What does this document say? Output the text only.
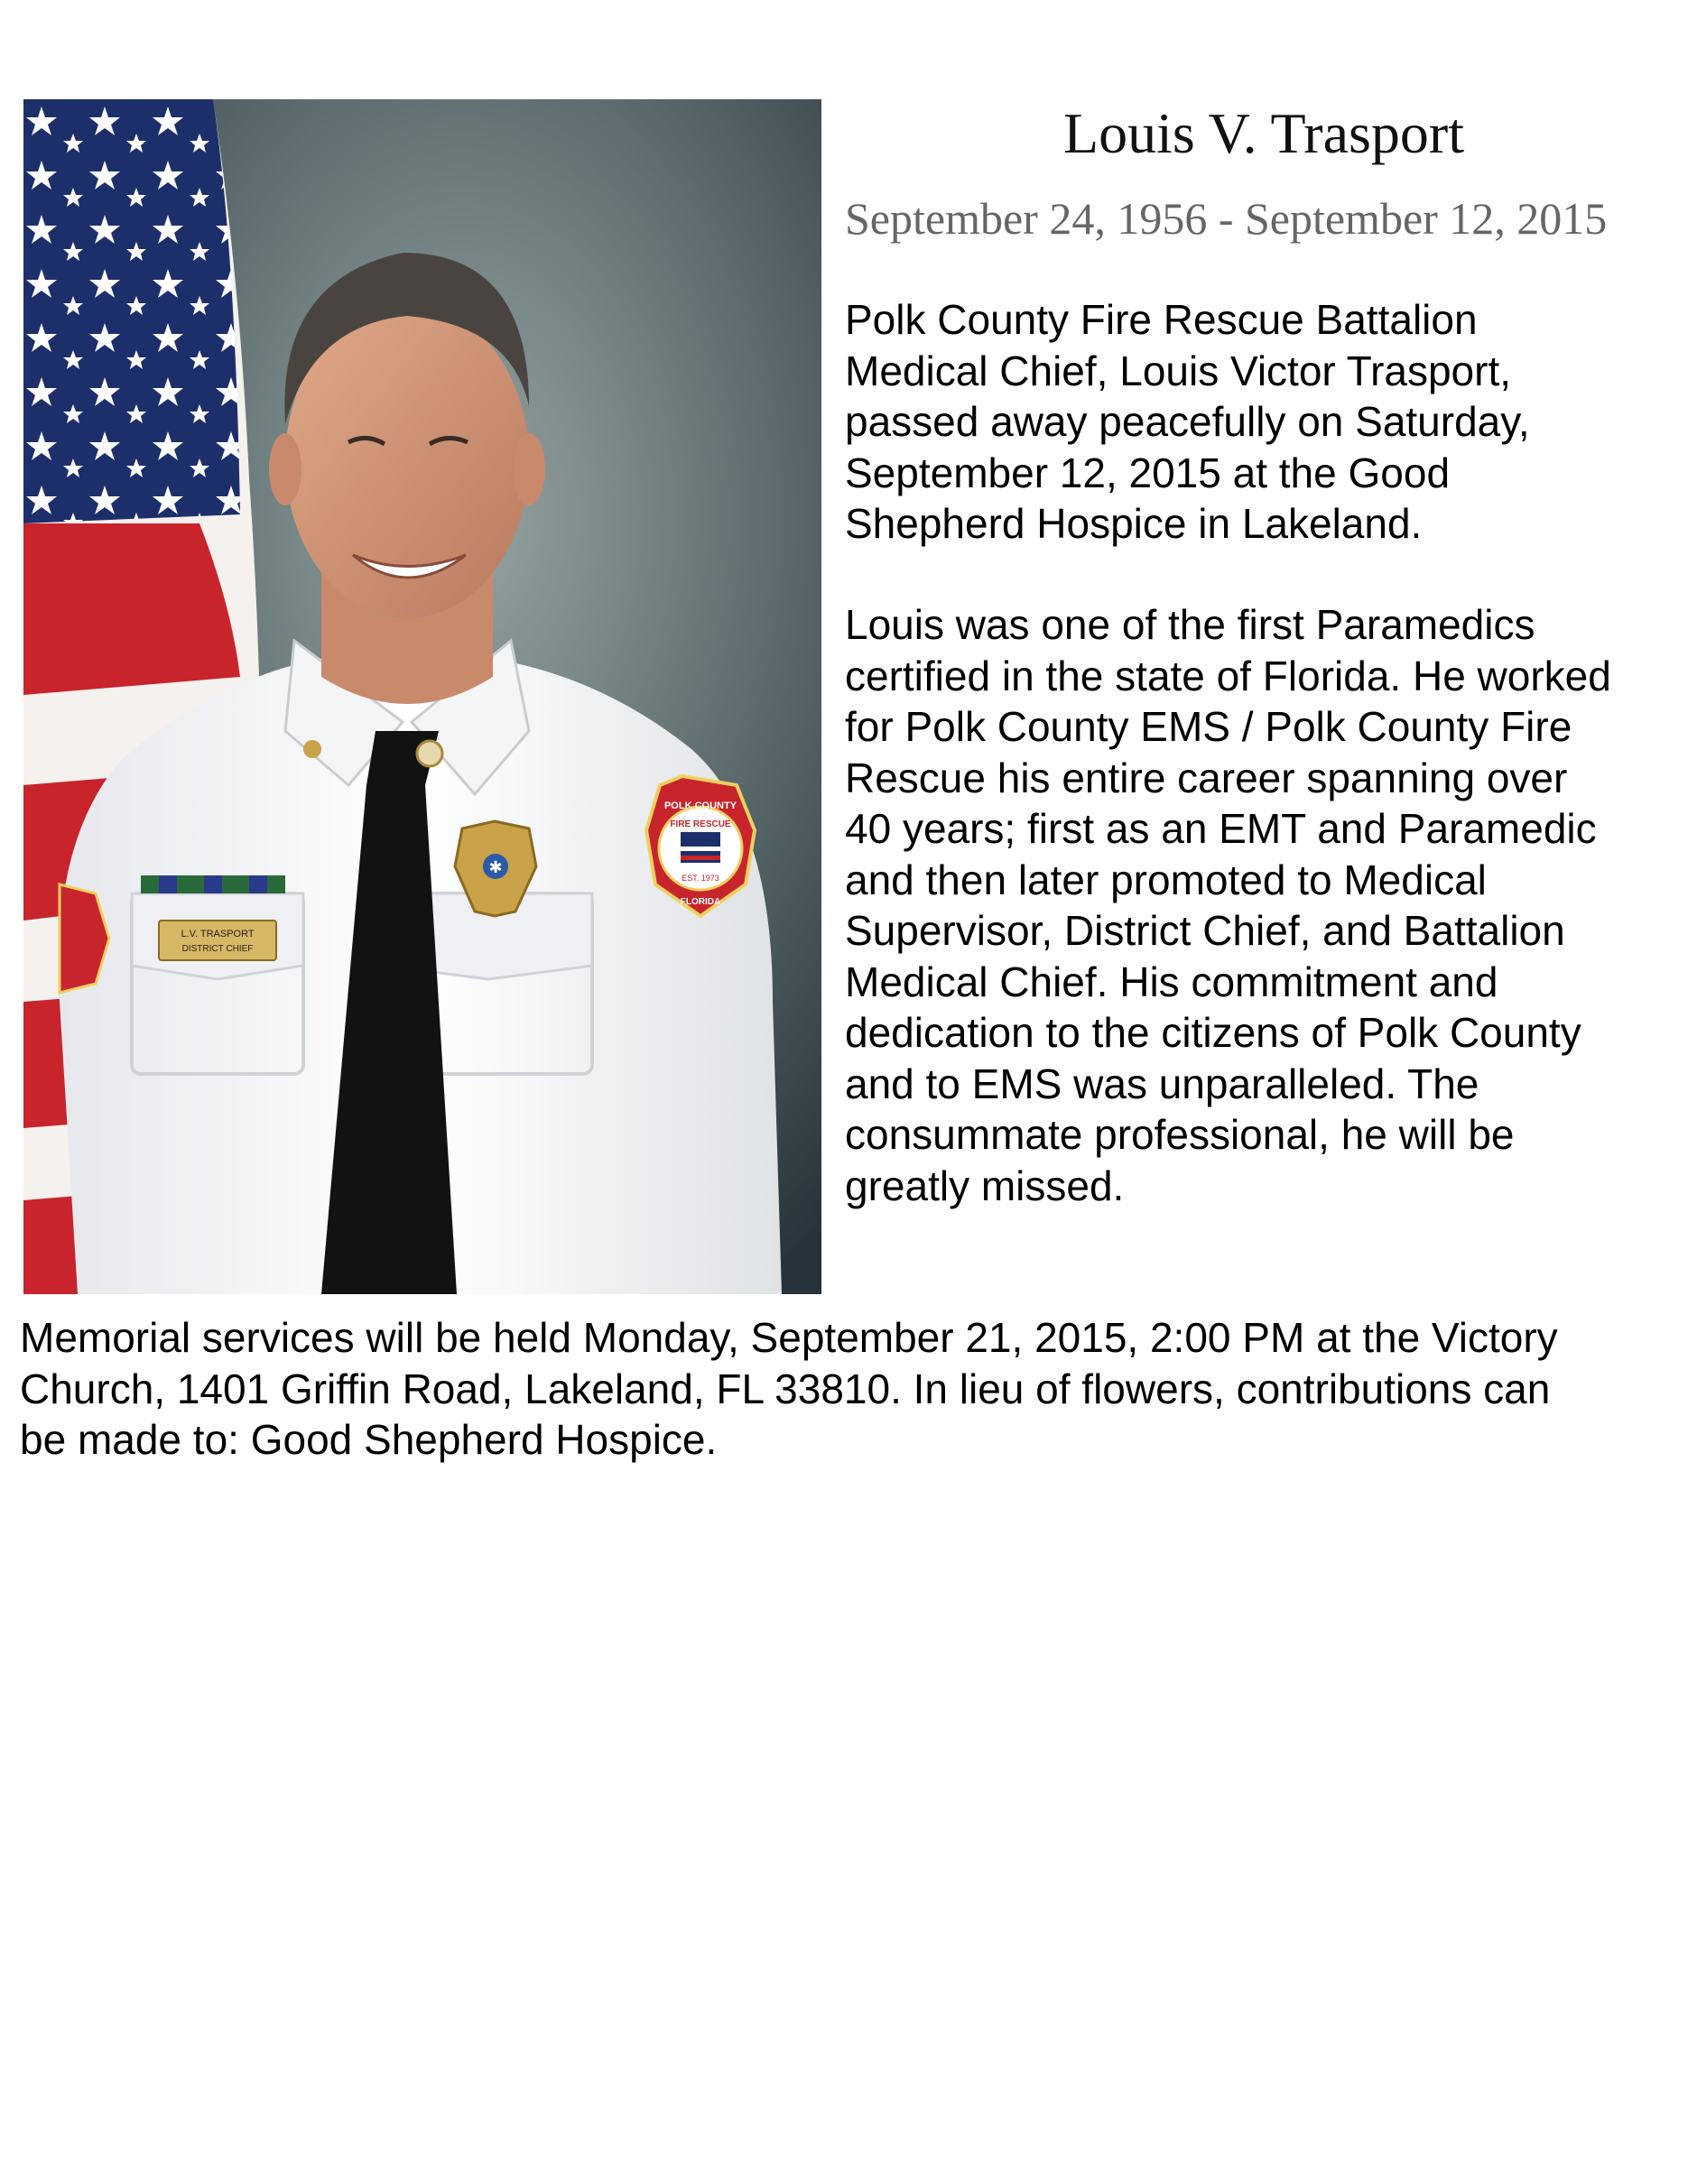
L.V. TRASPORT
DISTRICT CHIEF
✱
POLK COUNTY
FIRE RESCUE
EST. 1973
FLORIDA
Louis V. Trasport
September 24, 1956 - September 12, 2015
Polk County Fire Rescue Battalion
Medical Chief, Louis Victor Trasport,
passed away peacefully on Saturday,
September 12, 2015 at the Good
Shepherd Hospice in Lakeland.
Louis was one of the first Paramedics
certified in the state of Florida. He worked
for Polk County EMS / Polk County Fire
Rescue his entire career spanning over
40 years; first as an EMT and Paramedic
and then later promoted to Medical
Supervisor, District Chief, and Battalion
Medical Chief. His commitment and
dedication to the citizens of Polk County
and to EMS was unparalleled. The
consummate professional, he will be
greatly missed.
Memorial services will be held Monday, September 21, 2015, 2:00 PM at the Victory
Church, 1401 Griffin Road, Lakeland, FL 33810. In lieu of flowers, contributions can
be made to: Good Shepherd Hospice.
